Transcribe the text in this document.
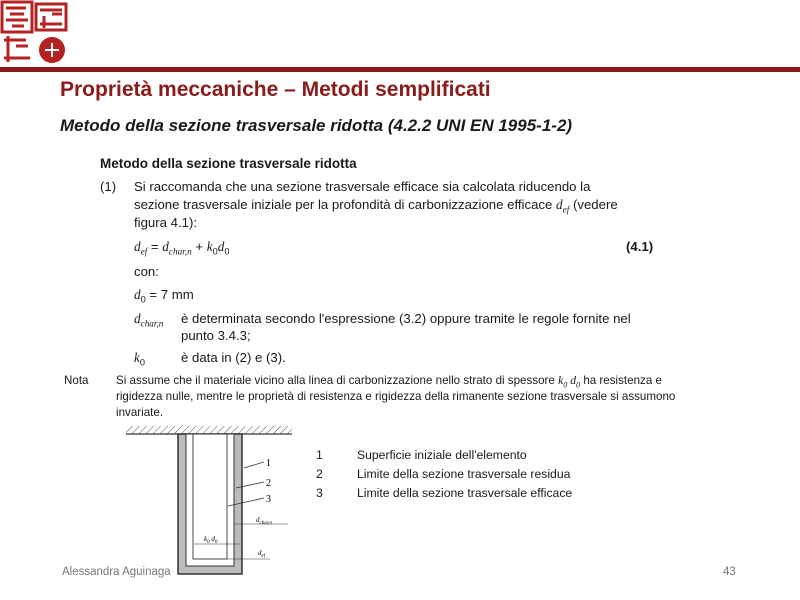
Proprietà meccaniche – Metodi semplificati
Metodo della sezione trasversale ridotta (4.2.2 UNI EN 1995-1-2)
Metodo della sezione trasversale ridotta
(1) Si raccomanda che una sezione trasversale efficace sia calcolata riducendo la
sezione trasversale iniziale per la profondità di carbonizzazione efficace $d_{ef}$ (vedere
figura 4.1):
$d_{ef} = d_{char,n} + k_0d_0$	(4.1)
con:
$d_0 = 7$ mm
$d_{char,n}$ è determinata secondo l'espressione (3.2) oppure tramite le regole fornite nel
punto 3.4.3;
$k_0$	è data in (2) e (3).
Nota Si assume che il materiale vicino alla linea di carbonizzazione nello strato di spessore $k_0$ $d_0$ ha resistenza e
rigidezza nulle, mentre le proprietà di resistenza e rigidezza della rimanente sezione trasversale si assumono
invariate.
1
2
3
$d_{char,n}$
$k_0$ $d_0$
$d_{ef}$
1	Superficie iniziale dell'elemento
2	Limite della sezione trasversale residua
3	Limite della sezione trasversale efficace
Alessandra Aguinaga	43
